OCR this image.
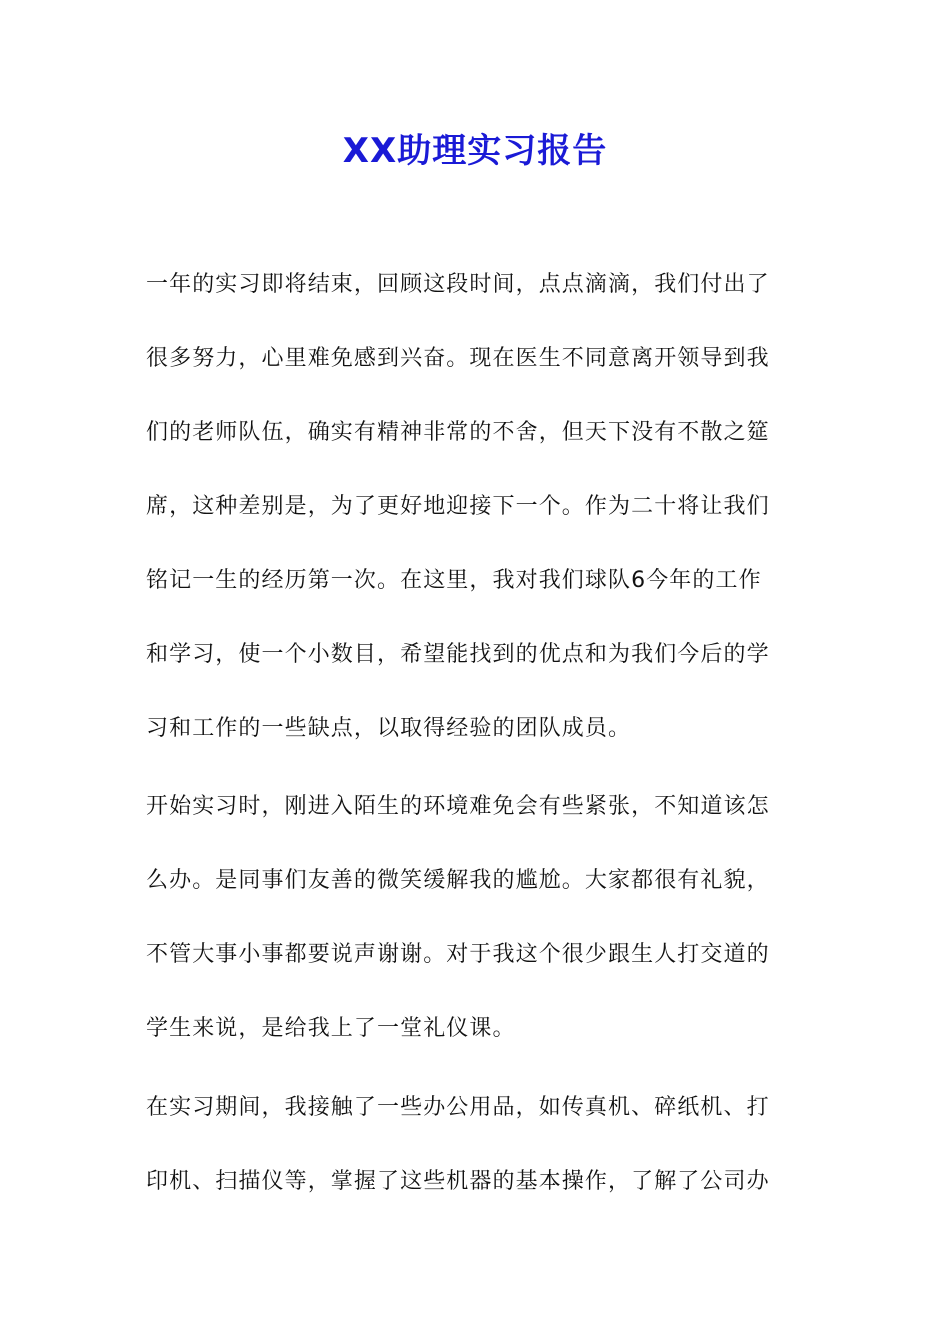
XX助理实习报告
一年的实习即将结束，回顾这段时间，点点滴滴，我们付出了
很多努力，心里难免感到兴奋。现在医生不同意离开领导到我
们的老师队伍，确实有精神非常的不舍，但天下没有不散之筵
席，这种差别是，为了更好地迎接下一个。作为二十将让我们
铭记一生的经历第一次。在这里，我对我们球队6今年的工作
和学习，使一个小数目，希望能找到的优点和为我们今后的学
习和工作的一些缺点，以取得经验的团队成员。
开始实习时，刚进入陌生的环境难免会有些紧张，不知道该怎
么办。是同事们友善的微笑缓解我的尴尬。大家都很有礼貌，
不管大事小事都要说声谢谢。对于我这个很少跟生人打交道的
学生来说，是给我上了一堂礼仪课。
在实习期间，我接触了一些办公用品，如传真机、碎纸机、打
印机、扫描仪等，掌握了这些机器的基本操作，了解了公司办
